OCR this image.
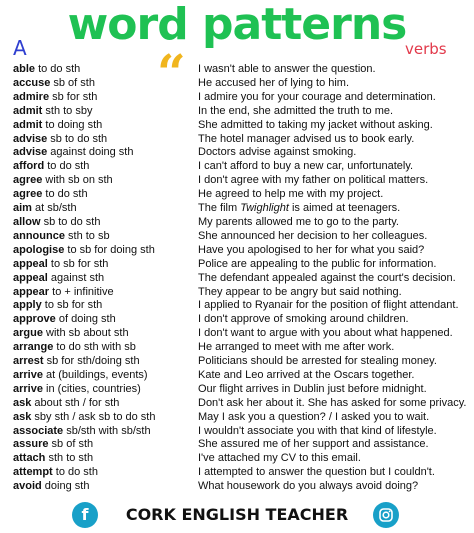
word patterns
verbs
A	“
able to do sth	I wasn't able to answer the question.
accuse sb of sth	He accused her of lying to him.
admire sb for sth	I admire you for your courage and determination.
admit sth to sby	In the end, she admitted the truth to me.
admit to doing sth	She admitted to taking my jacket without asking.
advise sb to do sth	The hotel manager advised us to book early.
advise against doing sth	Doctors advise against smoking.
afford to do sth	I can't afford to buy a new car, unfortunately.
agree with sb on sth	I don't agree with my father on political matters.
agree to do sth	He agreed to help me with my project.
aim at sb/sth	The film Twighlight is aimed at teenagers.
allow sb to do sth	My parents allowed me to go to the party.
announce sth to sb	She announced her decision to her colleagues.
apologise to sb for doing sth	Have you apologised to her for what you said?
appeal to sb for sth	Police are appealing to the public for information.
appeal against sth	The defendant appealed against the court's decision.
appear to + infinitive	They appear to be angry but said nothing.
apply to sb for sth	I applied to Ryanair for the position of flight attendant.
approve of doing sth	I don't approve of smoking around children.
argue with sb about sth	I don't want to argue with you about what happened.
arrange to do sth with sb	He arranged to meet with me after work.
arrest sb for sth/doing sth	Politicians should be arrested for stealing money.
arrive at (buildings, events)	Kate and Leo arrived at the Oscars together.
arrive in (cities, countries)	Our flight arrives in Dublin just before midnight.
ask about sth / for sth	Don't ask her about it. She has asked for some privacy.
ask sby sth / ask sb to do sth	May I ask you a question? / I asked you to wait.
associate sb/sth with sb/sth	I wouldn't associate you with that kind of lifestyle.
assure sb of sth	She assured me of her support and assistance.
attach sth to sth	I've attached my CV to this email.
attempt to do sth	I attempted to answer the question but I couldn't.
avoid doing sth	What housework do you always avoid doing?
f	CORK ENGLISH TEACHER
